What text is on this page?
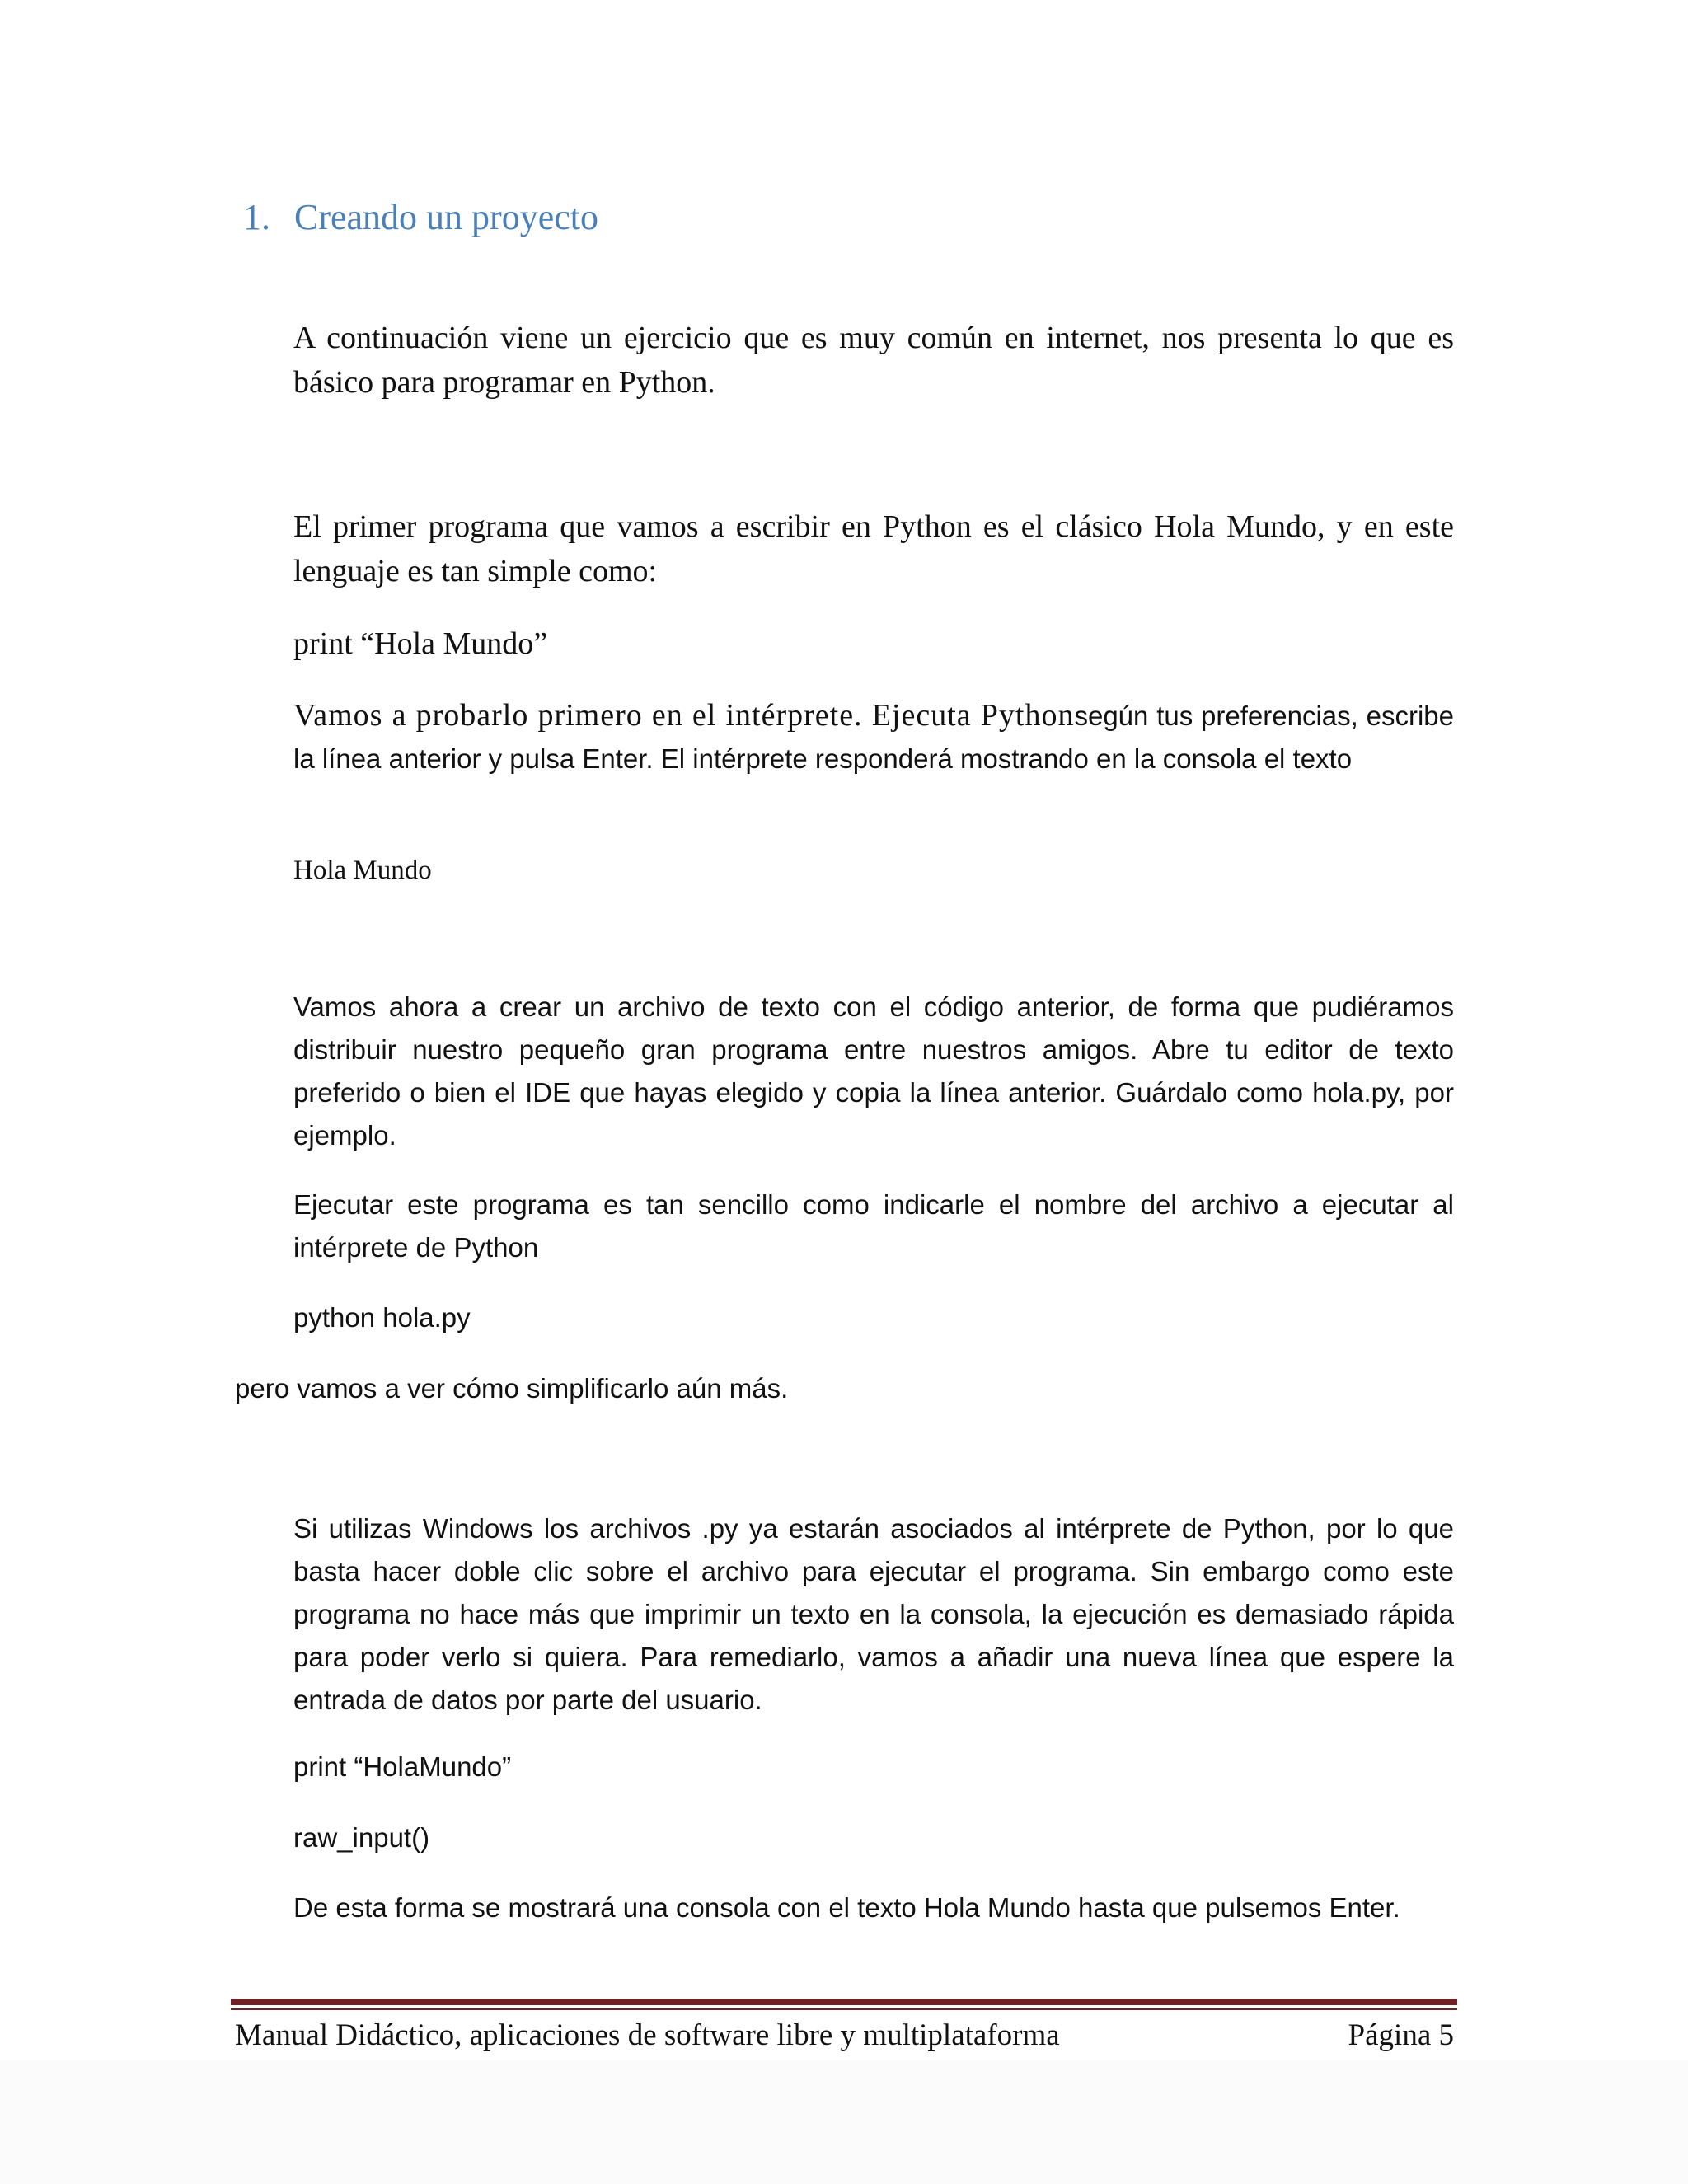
1. Creando un proyecto

A continuación viene un ejercicio que es muy común en internet, nos presenta lo que es básico para programar en Python.

El primer programa que vamos a escribir en Python es el clásico Hola Mundo, y en este lenguaje es tan simple como:

print “Hola Mundo”

Vamos a probarlo primero en el intérprete. Ejecuta Pythonsegún tus preferencias, escribe la línea anterior y pulsa Enter. El intérprete responderá mostrando en la consola el texto

Hola Mundo

Vamos ahora a crear un archivo de texto con el código anterior, de forma que pudiéramos distribuir nuestro pequeño gran programa entre nuestros amigos. Abre tu editor de texto preferido o bien el IDE que hayas elegido y copia la línea anterior. Guárdalo como hola.py, por ejemplo.

Ejecutar este programa es tan sencillo como indicarle el nombre del archivo a ejecutar al intérprete de Python

python hola.py

pero vamos a ver cómo simplificarlo aún más.

Si utilizas Windows los archivos .py ya estarán asociados al intérprete de Python, por lo que basta hacer doble clic sobre el archivo para ejecutar el programa. Sin embargo como este programa no hace más que imprimir un texto en la consola, la ejecución es demasiado rápida para poder verlo si quiera. Para remediarlo, vamos a añadir una nueva línea que espere la entrada de datos por parte del usuario.

print “HolaMundo”

raw_input()

De esta forma se mostrará una consola con el texto Hola Mundo hasta que pulsemos Enter.

Manual Didáctico, aplicaciones de software libre y multiplataforma	Página 5
